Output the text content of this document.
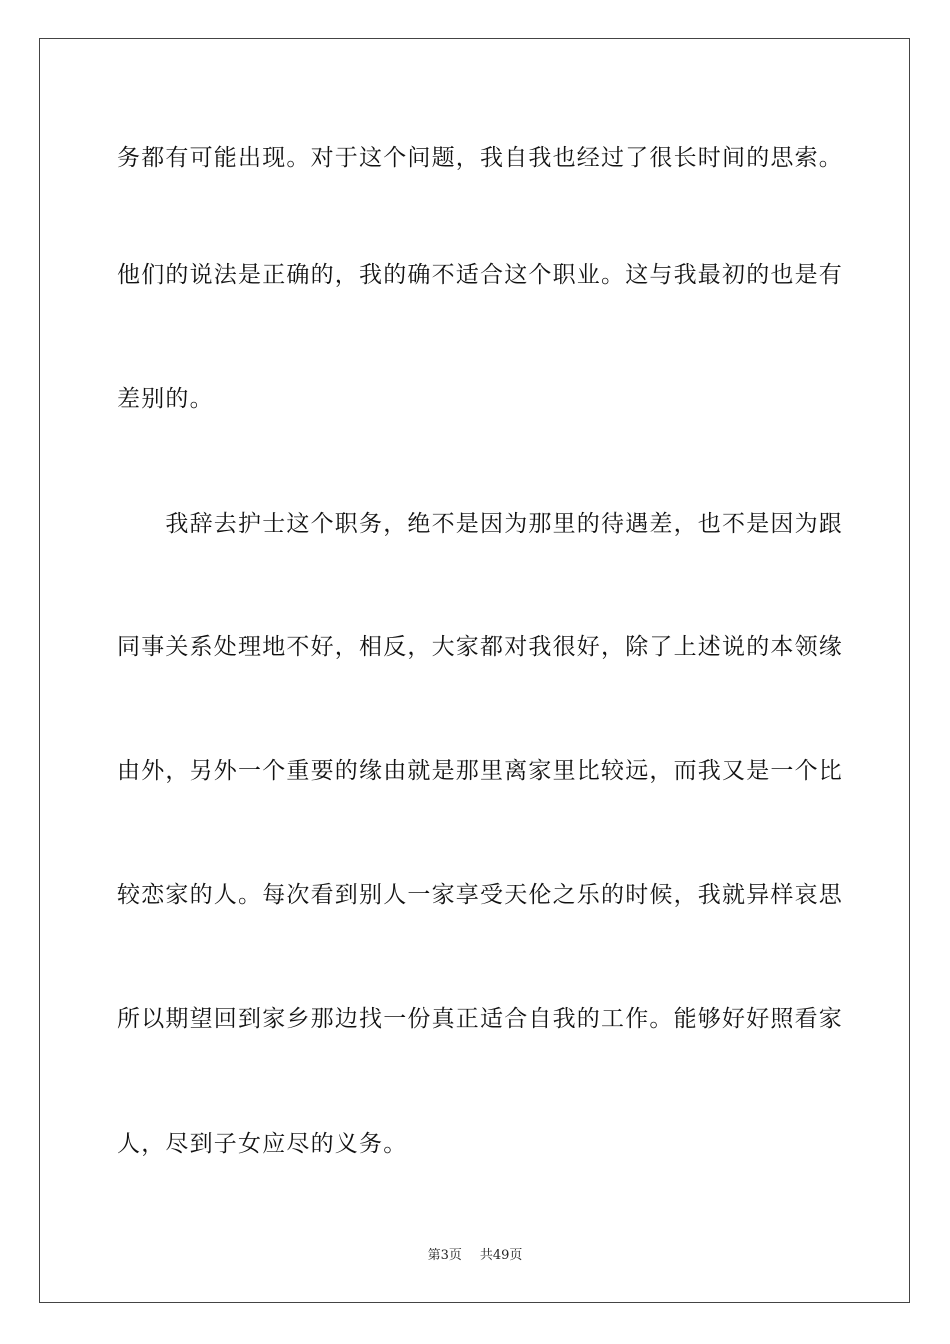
务都有可能出现。对于这个问题，我自我也经过了很长时间的思索。
他们的说法是正确的，我的确不适合这个职业。这与我最初的也是有
差别的。
　　我辞去护士这个职务，绝不是因为那里的待遇差，也不是因为跟
同事关系处理地不好，相反，大家都对我很好，除了上述说的本领缘
由外，另外一个重要的缘由就是那里离家里比较远，而我又是一个比
较恋家的人。每次看到别人一家享受天伦之乐的时候，我就异样哀思
所以期望回到家乡那边找一份真正适合自我的工作。能够好好照看家
人，尽到子女应尽的义务。
第3页 共49页
